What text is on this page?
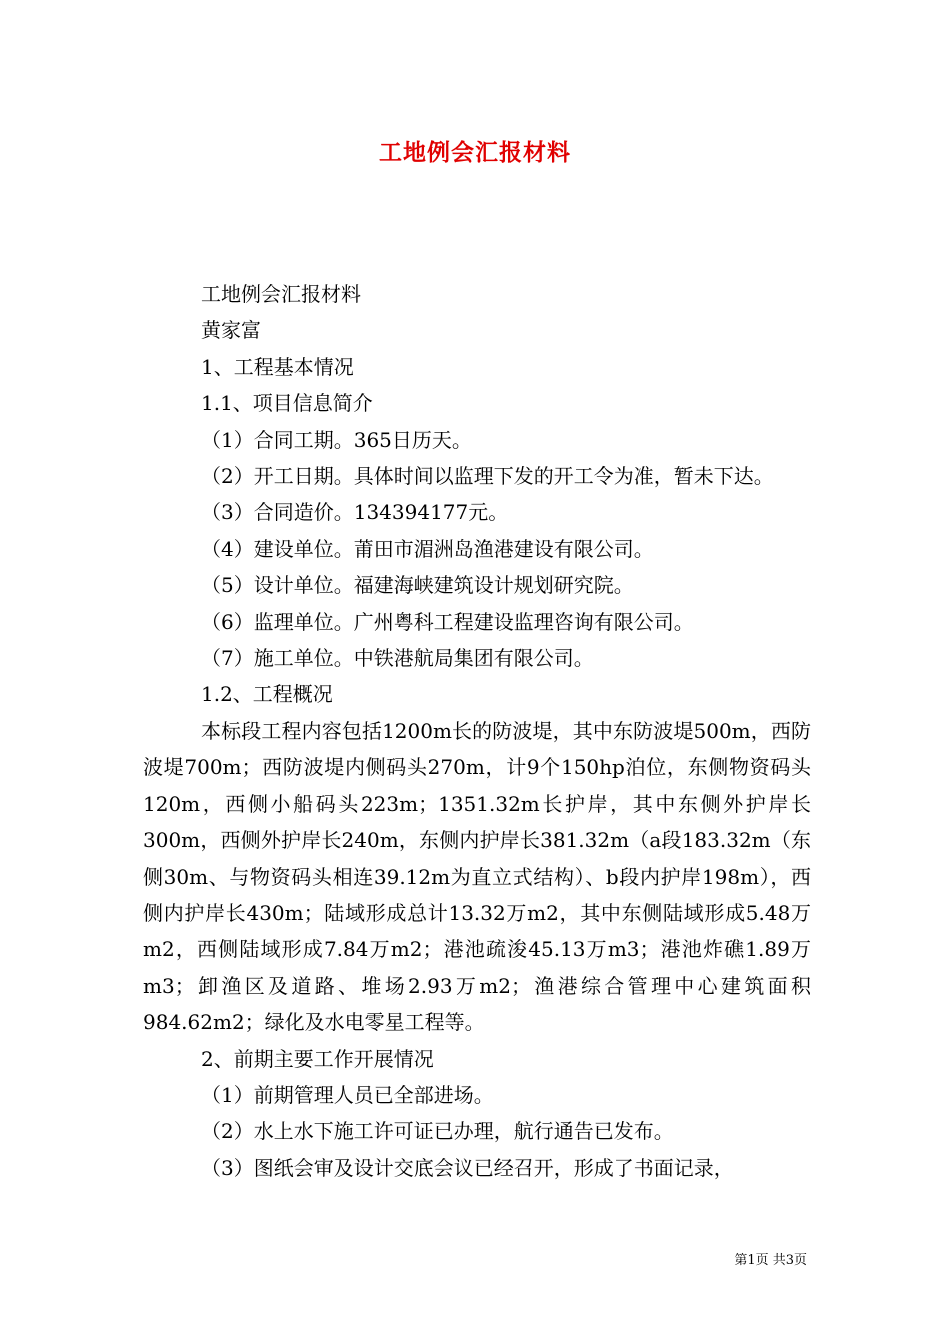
工地例会汇报材料

工地例会汇报材料

黄家富

1、工程基本情况

1.1、项目信息简介

（1）合同工期。365日历天。

（2）开工日期。具体时间以监理下发的开工令为准，暂未下达。

（3）合同造价。134394177元。

（4）建设单位。莆田市湄洲岛渔港建设有限公司。

（5）设计单位。福建海峡建筑设计规划研究院。

（6）监理单位。广州粤科工程建设监理咨询有限公司。

（7）施工单位。中铁港航局集团有限公司。

1.2、工程概况

本标段工程内容包括1200m长的防波堤，其中东防波堤500m，西防波堤700m；西防波堤内侧码头270m，计9个150hp泊位，东侧物资码头120m，西侧小船码头223m；1351.32m长护岸，其中东侧外护岸长300m，西侧外护岸长240m，东侧内护岸长381.32m（a段183.32m（东侧30m、与物资码头相连39.12m为直立式结构）、b段内护岸198m），西侧内护岸长430m；陆域形成总计13.32万m2，其中东侧陆域形成5.48万m2，西侧陆域形成7.84万m2；港池疏浚45.13万m3；港池炸礁1.89万m3；卸渔区及道路、堆场2.93万m2；渔港综合管理中心建筑面积984.62m2；绿化及水电零星工程等。

2、前期主要工作开展情况

（1）前期管理人员已全部进场。

（2）水上水下施工许可证已办理，航行通告已发布。

（3）图纸会审及设计交底会议已经召开，形成了书面记录，

第1页 共3页
